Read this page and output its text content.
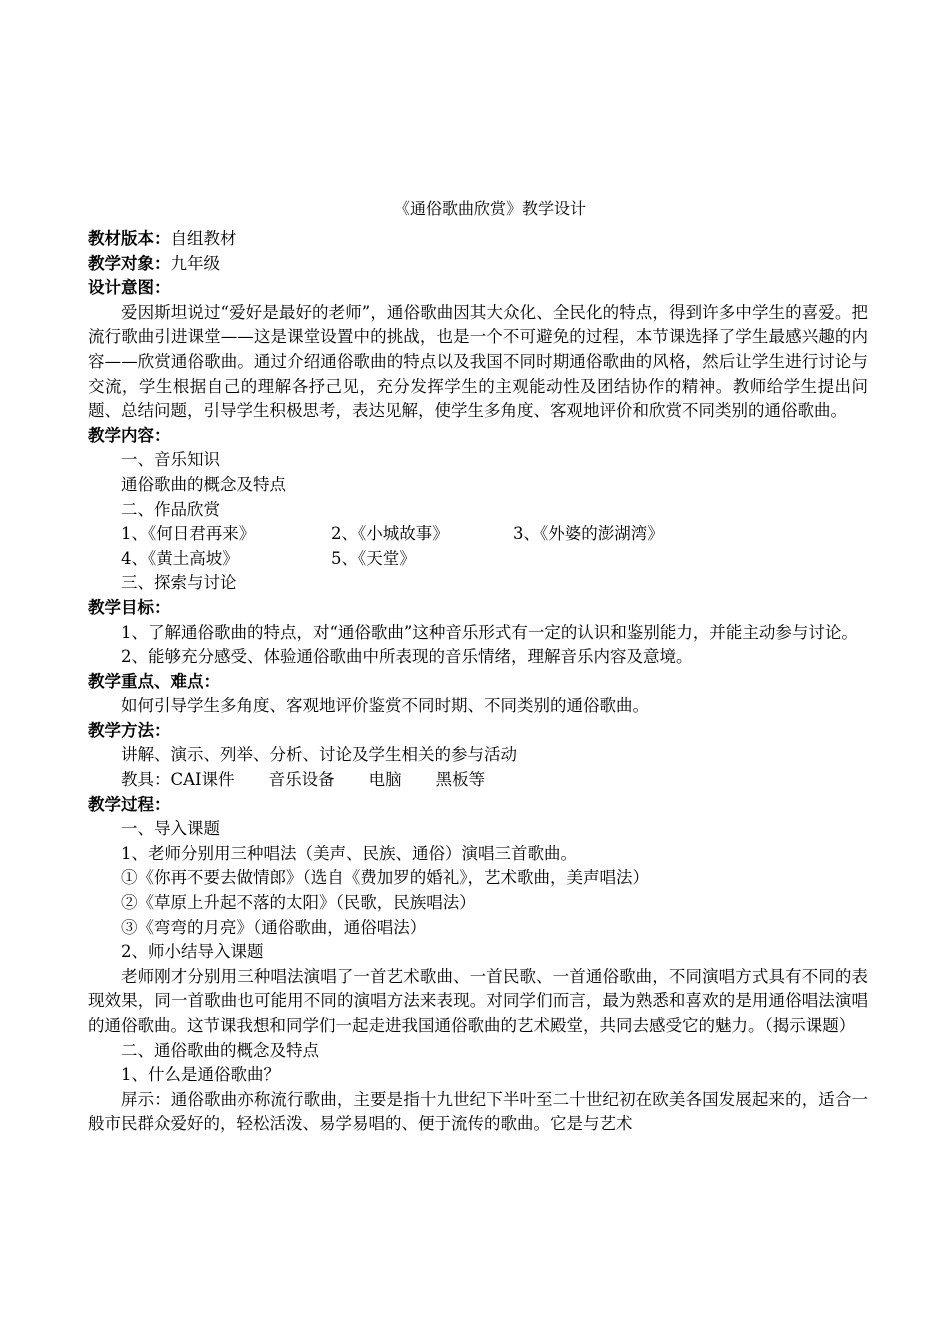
《通俗歌曲欣赏》教学设计
教材版本：自组教材
教学对象：九年级
设计意图：
爱因斯坦说过“爱好是最好的老师”，通俗歌曲因其大众化、全民化的特点，得到许多中学生的喜爱。把流行歌曲引进课堂——这是课堂设置中的挑战，也是一个不可避免的过程，本节课选择了学生最感兴趣的内容——欣赏通俗歌曲。通过介绍通俗歌曲的特点以及我国不同时期通俗歌曲的风格，然后让学生进行讨论与交流，学生根据自己的理解各抒己见，充分发挥学生的主观能动性及团结协作的精神。教师给学生提出问题、总结问题，引导学生积极思考，表达见解，使学生多角度、客观地评价和欣赏不同类别的通俗歌曲。
教学内容：
一、音乐知识
通俗歌曲的概念及特点
二、作品欣赏
1、《何日君再来》	2、《小城故事》	3、《外婆的澎湖湾》
4、《黄土高坡》	5、《天堂》
三、探索与讨论
教学目标：
1、了解通俗歌曲的特点，对“通俗歌曲”这种音乐形式有一定的认识和鉴别能力，并能主动参与讨论。
2、能够充分感受、体验通俗歌曲中所表现的音乐情绪，理解音乐内容及意境。
教学重点、难点：
如何引导学生多角度、客观地评价鉴赏不同时期、不同类别的通俗歌曲。
教学方法：
讲解、演示、列举、分析、讨论及学生相关的参与活动
教具：CAI课件 音乐设备 电脑 黑板等
教学过程：
一、导入课题
1、老师分别用三种唱法（美声、民族、通俗）演唱三首歌曲。
①《你再不要去做情郎》（选自《费加罗的婚礼》，艺术歌曲，美声唱法）
②《草原上升起不落的太阳》（民歌，民族唱法）
③《弯弯的月亮》（通俗歌曲，通俗唱法）
2、师小结导入课题
老师刚才分别用三种唱法演唱了一首艺术歌曲、一首民歌、一首通俗歌曲，不同演唱方式具有不同的表现效果，同一首歌曲也可能用不同的演唱方法来表现。对同学们而言，最为熟悉和喜欢的是用通俗唱法演唱的通俗歌曲。这节课我想和同学们一起走进我国通俗歌曲的艺术殿堂，共同去感受它的魅力。（揭示课题）
二、通俗歌曲的概念及特点
1、什么是通俗歌曲？
屏示：通俗歌曲亦称流行歌曲，主要是指十九世纪下半叶至二十世纪初在欧美各国发展起来的，适合一般市民群众爱好的，轻松活泼、易学易唱的、便于流传的歌曲。它是与艺术
